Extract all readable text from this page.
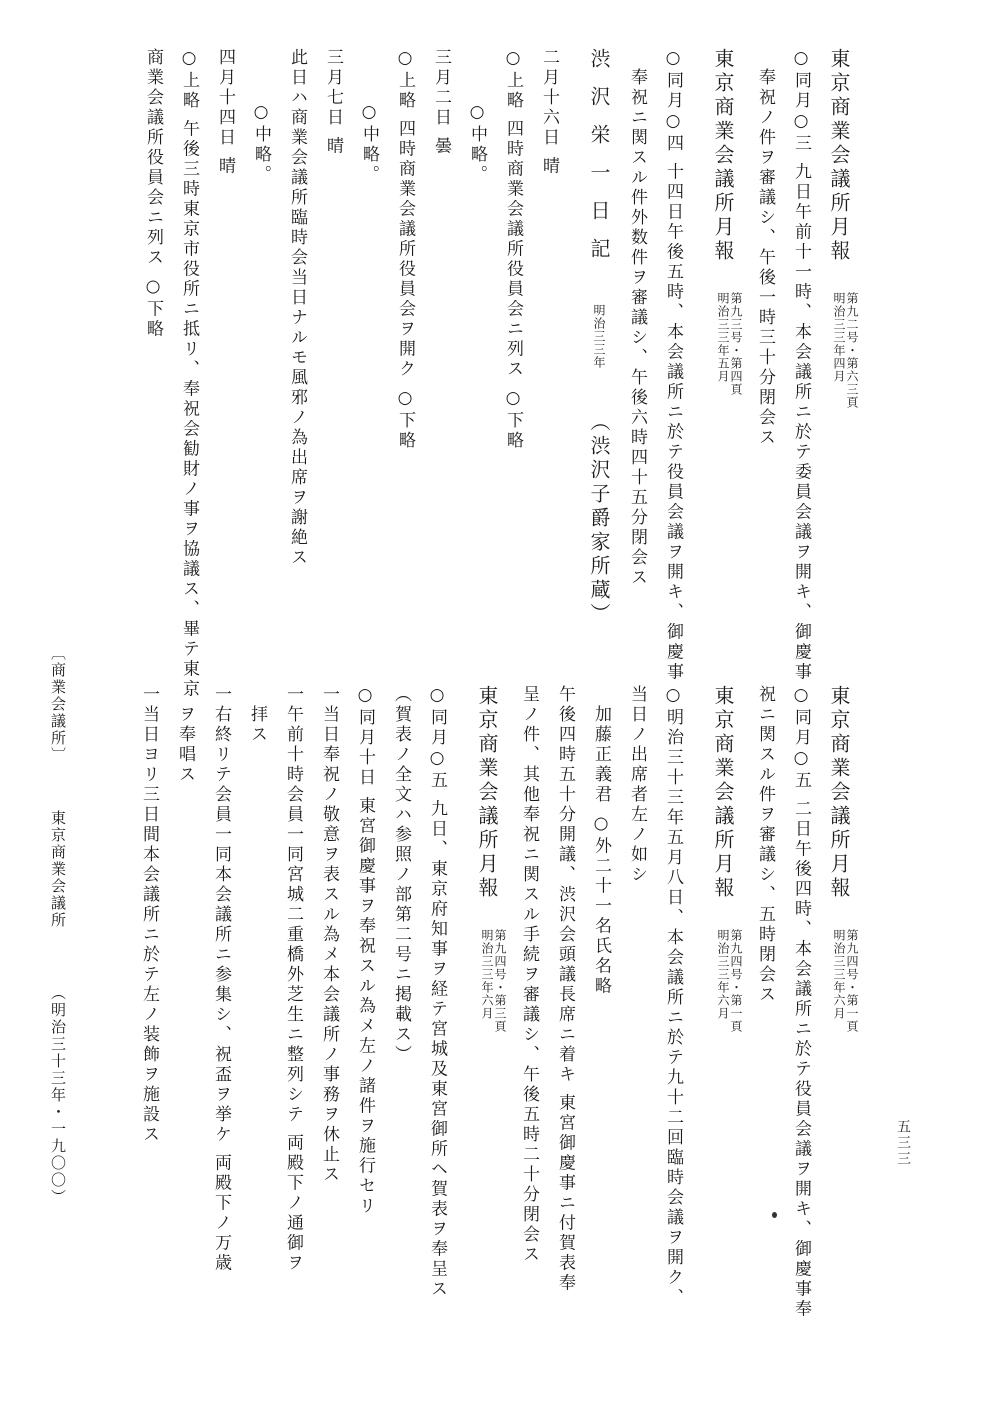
東京商業会議所月報
第九二号・第六三頁
明治三三年四月
○同月○三 九日午前十一時、本会議所ニ於テ委員会議ヲ開キ、御慶事
奉祝ノ件ヲ審議シ、午後一時三十分閉会ス
東京商業会議所月報
第九三号・第四頁
明治三三年五月
○同月○四 十四日午後五時、本会議所ニ於テ役員会議ヲ開キ、御慶事
奉祝ニ関スル件外数件ヲ審議シ、午後六時四十五分閉会ス
渋沢栄一日記明治三三年（渋沢子爵家所蔵）
二月十六日 晴
○上略 四時商業会議所役員会ニ列ス ○下略
○中略。
三月二日 曇
○上略 四時商業会議所役員会ヲ開ク ○下略
○中略。
三月七日 晴
此日ハ商業会議所臨時会当日ナルモ風邪ノ為出席ヲ謝絶ス
○中略。
四月十四日 晴
○上略 午後三時東京市役所ニ抵リ、奉祝会勧財ノ事ヲ協議ス、畢テ東京
商業会議所役員会ニ列ス ○下略
〔商業会議所〕
東京商業会議所
（明治三十三年・一九〇〇）
東京商業会議所月報
第九四号・第一頁
明治三三年六月
○同月○五 二日午後四時、本会議所ニ於テ役員会議ヲ開キ、御慶事奉
祝ニ関スル件ヲ審議シ、五時閉会ス
東京商業会議所月報
第九四号・第一頁
明治三三年六月
○明治三十三年五月八日、本会議所ニ於テ九十二回臨時会議ヲ開ク、
当日ノ出席者左ノ如シ
加藤正義君 ○外二十一名氏名略
午後四時五十分開議、渋沢会頭議長席ニ着キ 東宮御慶事ニ付賀表奉
呈ノ件、其他奉祝ニ関スル手続ヲ審議シ、午後五時二十分閉会ス
東京商業会議所月報
第九四号・第三頁
明治三三年六月
○同月○五 九日、東京府知事ヲ経テ宮城及東宮御所ヘ賀表ヲ奉呈ス
（賀表ノ全文ハ参照ノ部第二号ニ掲載ス）
○同月十日 東宮御慶事ヲ奉祝スル為メ左ノ諸件ヲ施行セリ
一当日奉祝ノ敬意ヲ表スル為メ本会議所ノ事務ヲ休止ス
一午前十時会員一同宮城二重橋外芝生ニ整列シテ 両殿下ノ通御ヲ
拝ス
一右終リテ会員一同本会議所ニ参集シ、祝盃ヲ挙ケ 両殿下ノ万歳
ヲ奉唱ス
一当日ヨリ三日間本会議所ニ於テ左ノ装飾ヲ施設ス	五三三
